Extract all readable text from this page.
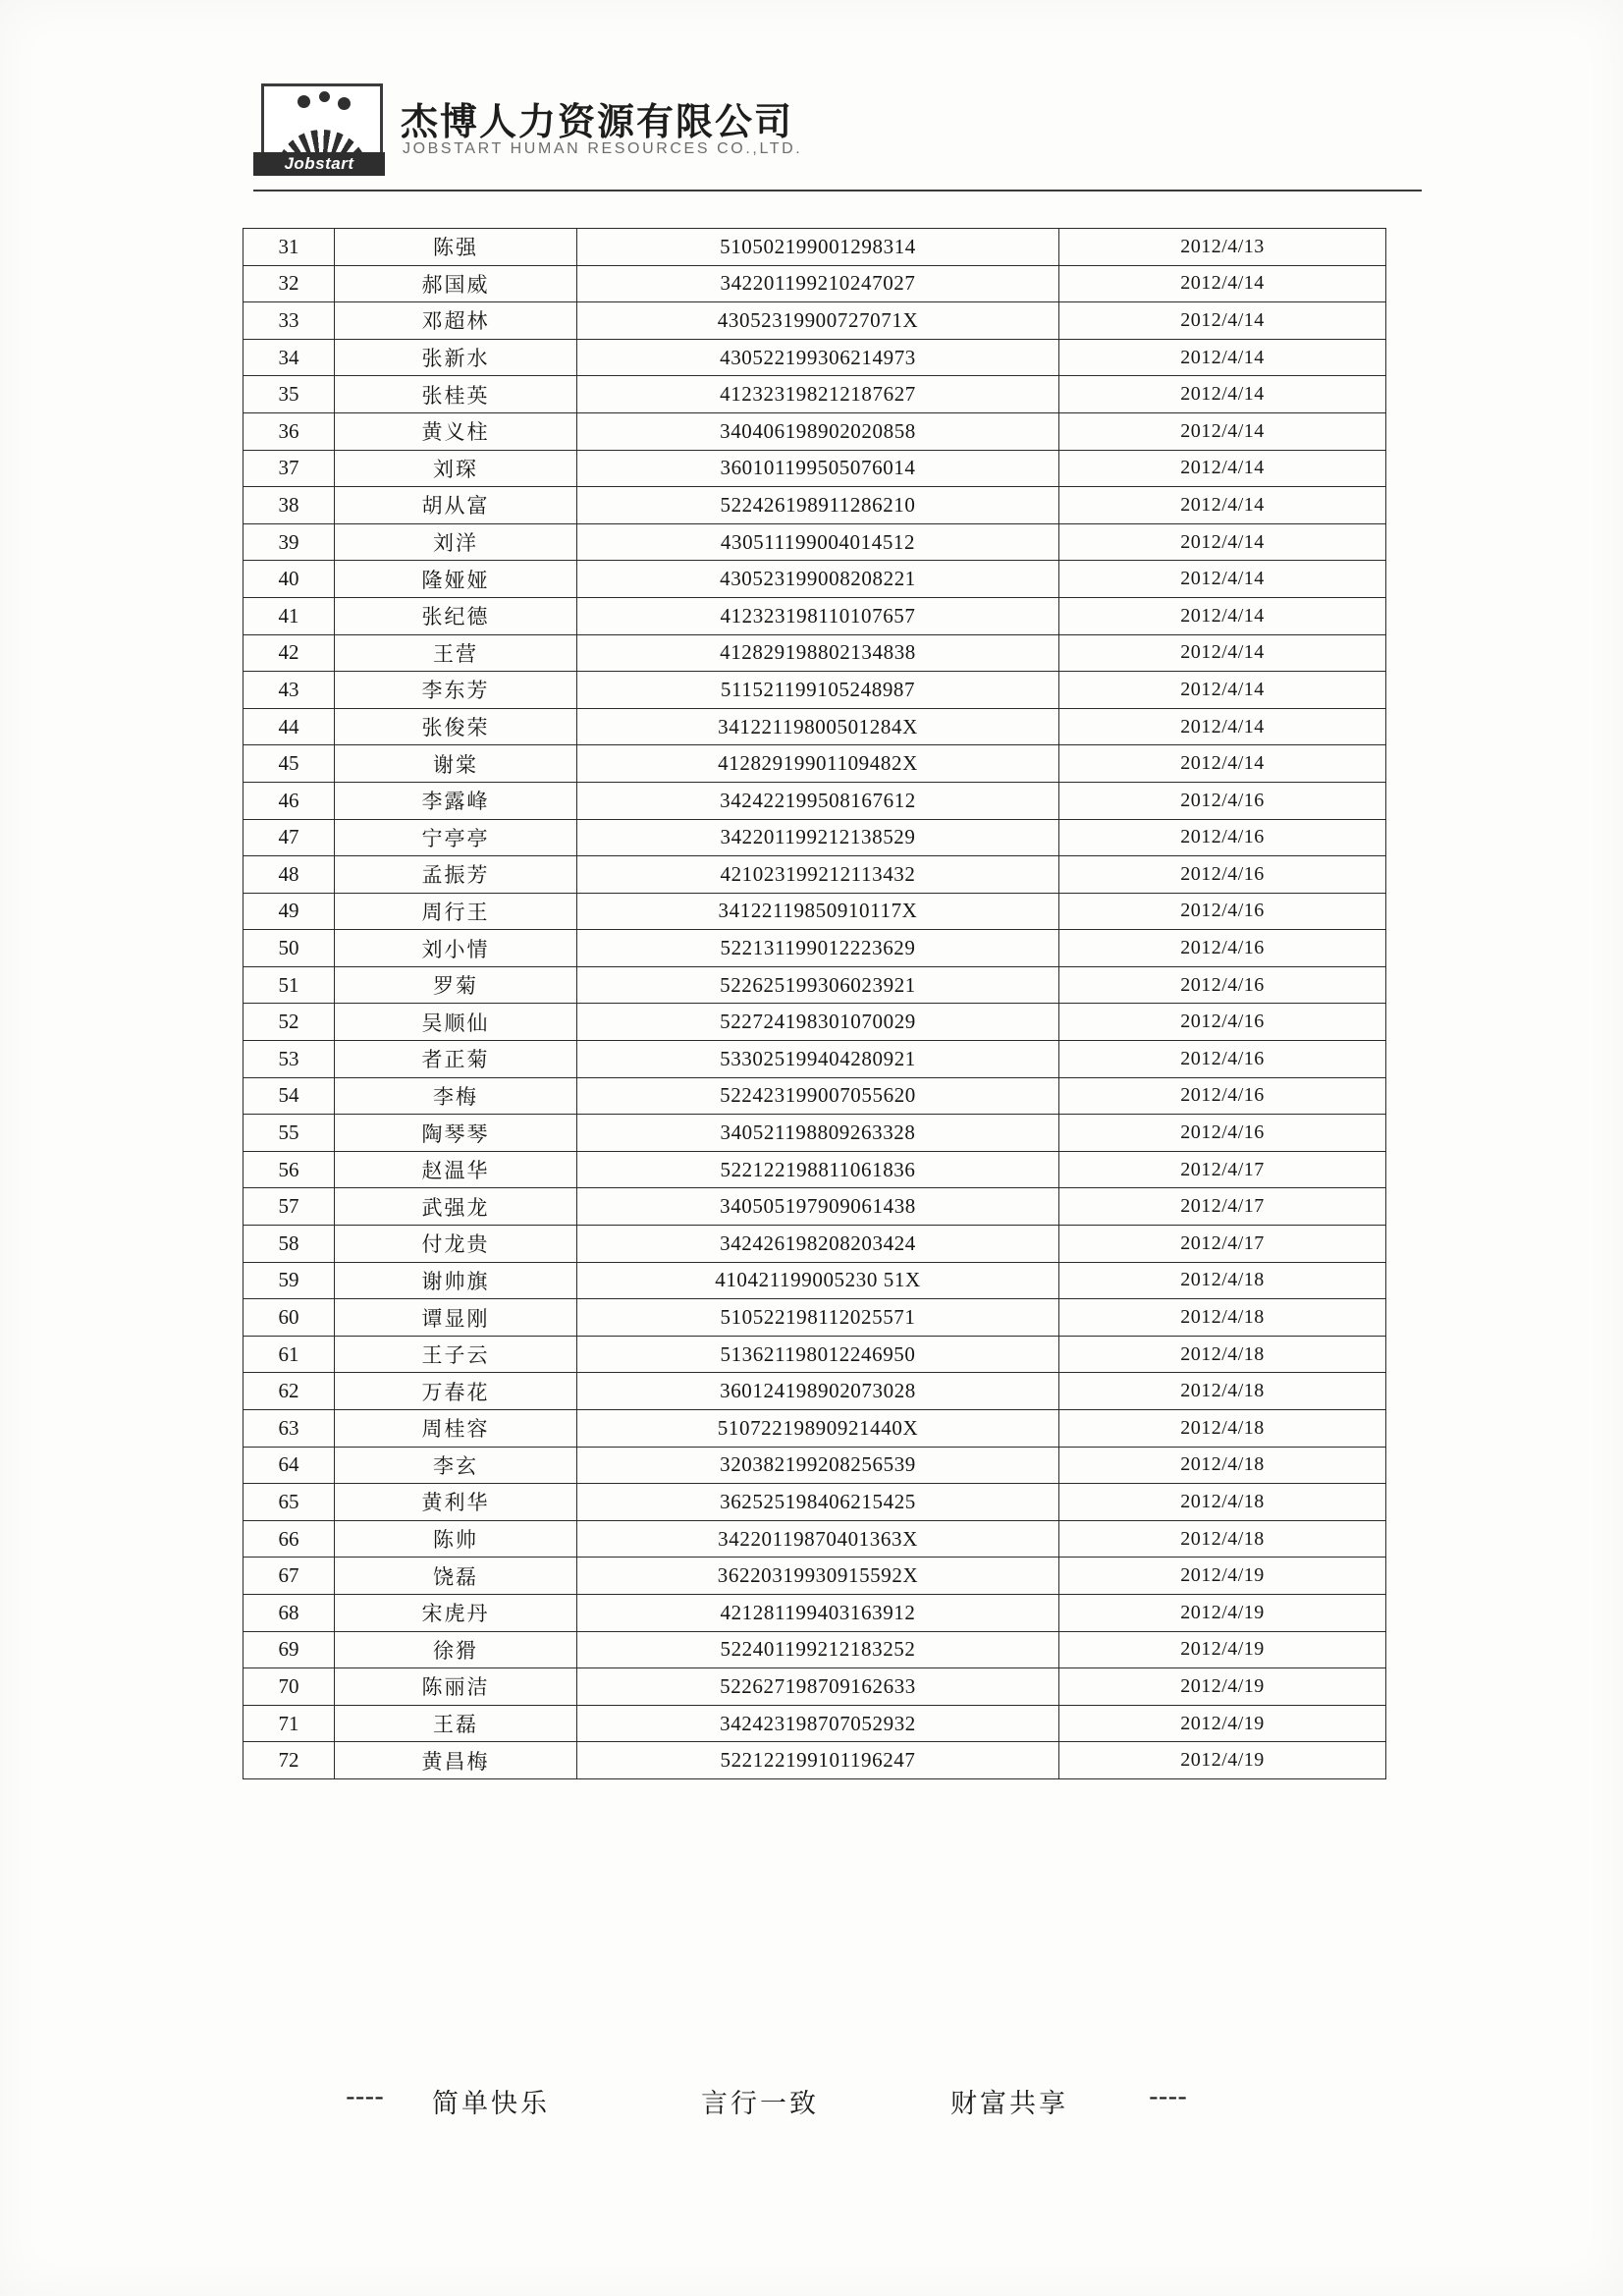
Jobstart
杰博人力资源有限公司
JOBSTART HUMAN RESOURCES CO.,LTD.
31	陈强	510502199001298314	2012/4/13
32	郝国威	342201199210247027	2012/4/14
33	邓超林	43052319900727071X	2012/4/14
34	张新水	430522199306214973	2012/4/14
35	张桂英	412323198212187627	2012/4/14
36	黄义柱	340406198902020858	2012/4/14
37	刘琛	360101199505076014	2012/4/14
38	胡从富	522426198911286210	2012/4/14
39	刘洋	430511199004014512	2012/4/14
40	隆娅娅	430523199008208221	2012/4/14
41	张纪德	412323198110107657	2012/4/14
42	王营	412829198802134838	2012/4/14
43	李东芳	511521199105248987	2012/4/14
44	张俊荣	34122119800501284X	2012/4/14
45	谢棠	41282919901109482X	2012/4/14
46	李露峰	342422199508167612	2012/4/16
47	宁亭亭	342201199212138529	2012/4/16
48	孟振芳	421023199212113432	2012/4/16
49	周行王	34122119850910117X	2012/4/16
50	刘小情	522131199012223629	2012/4/16
51	罗菊	522625199306023921	2012/4/16
52	吴顺仙	522724198301070029	2012/4/16
53	者正菊	533025199404280921	2012/4/16
54	李梅	522423199007055620	2012/4/16
55	陶琴琴	340521198809263328	2012/4/16
56	赵温华	522122198811061836	2012/4/17
57	武强龙	340505197909061438	2012/4/17
58	付龙贵	342426198208203424	2012/4/17
59	谢帅旗	410421199005230 51X	2012/4/18
60	谭显刚	510522198112025571	2012/4/18
61	王子云	513621198012246950	2012/4/18
62	万春花	360124198902073028	2012/4/18
63	周桂容	51072219890921440X	2012/4/18
64	李玄	320382199208256539	2012/4/18
65	黄利华	362525198406215425	2012/4/18
66	陈帅	34220119870401363X	2012/4/18
67	饶磊	36220319930915592X	2012/4/19
68	宋虎丹	421281199403163912	2012/4/19
69	徐猾	522401199212183252	2012/4/19
70	陈丽洁	522627198709162633	2012/4/19
71	王磊	342423198707052932	2012/4/19
72	黄昌梅	522122199101196247	2012/4/19
---- 简单快乐	言行一致	财富共享	----
